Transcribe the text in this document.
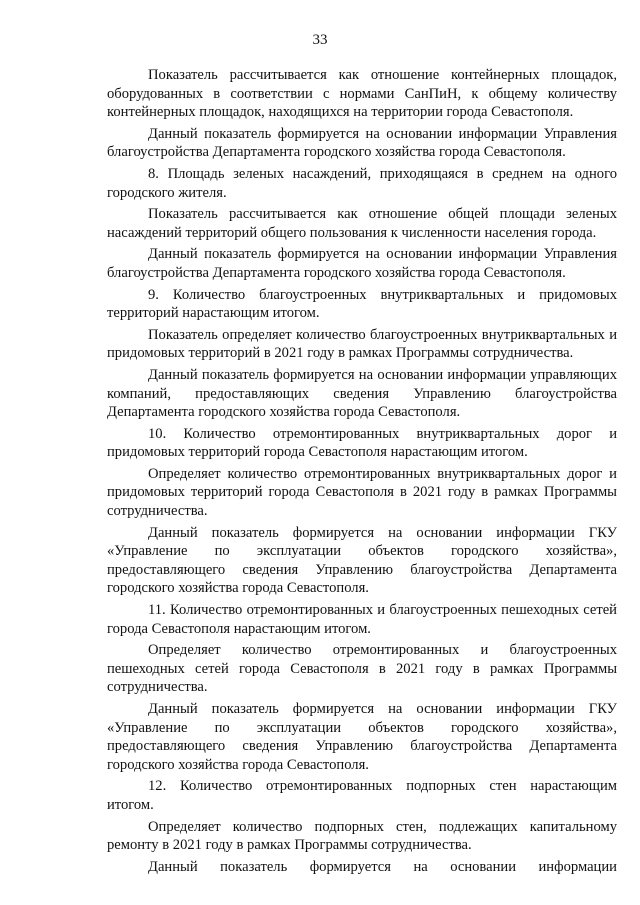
33

Показатель рассчитывается как отношение контейнерных площадок, оборудованных в соответствии с нормами СанПиН, к общему количеству контейнерных площадок, находящихся на территории города Севастополя.

Данный показатель формируется на основании информации Управления благоустройства Департамента городского хозяйства города Севастополя.

8. Площадь зеленых насаждений, приходящаяся в среднем на одного городского жителя.

Показатель рассчитывается как отношение общей площади зеленых насаждений территорий общего пользования к численности населения города.

Данный показатель формируется на основании информации Управления благоустройства Департамента городского хозяйства города Севастополя.

9. Количество благоустроенных внутриквартальных и придомовых территорий нарастающим итогом.

Показатель определяет количество благоустроенных внутриквартальных и придомовых территорий в 2021 году в рамках Программы сотрудничества.

Данный показатель формируется на основании информации управляющих компаний, предоставляющих сведения Управлению благоустройства Департамента городского хозяйства города Севастополя.

10. Количество отремонтированных внутриквартальных дорог и придомовых территорий города Севастополя нарастающим итогом.

Определяет количество отремонтированных внутриквартальных дорог и придомовых территорий города Севастополя в 2021 году в рамках Программы сотрудничества.

Данный показатель формируется на основании информации ГКУ «Управление по эксплуатации объектов городского хозяйства», предоставляющего сведения Управлению благоустройства Департамента городского хозяйства города Севастополя.

11. Количество отремонтированных и благоустроенных пешеходных сетей города Севастополя нарастающим итогом.

Определяет количество отремонтированных и благоустроенных пешеходных сетей города Севастополя в 2021 году в рамках Программы сотрудничества.

Данный показатель формируется на основании информации ГКУ «Управление по эксплуатации объектов городского хозяйства», предоставляющего сведения Управлению благоустройства Департамента городского хозяйства города Севастополя.

12. Количество отремонтированных подпорных стен нарастающим итогом.

Определяет количество подпорных стен, подлежащих капитальному ремонту в 2021 году в рамках Программы сотрудничества.

Данный показатель формируется на основании информации
